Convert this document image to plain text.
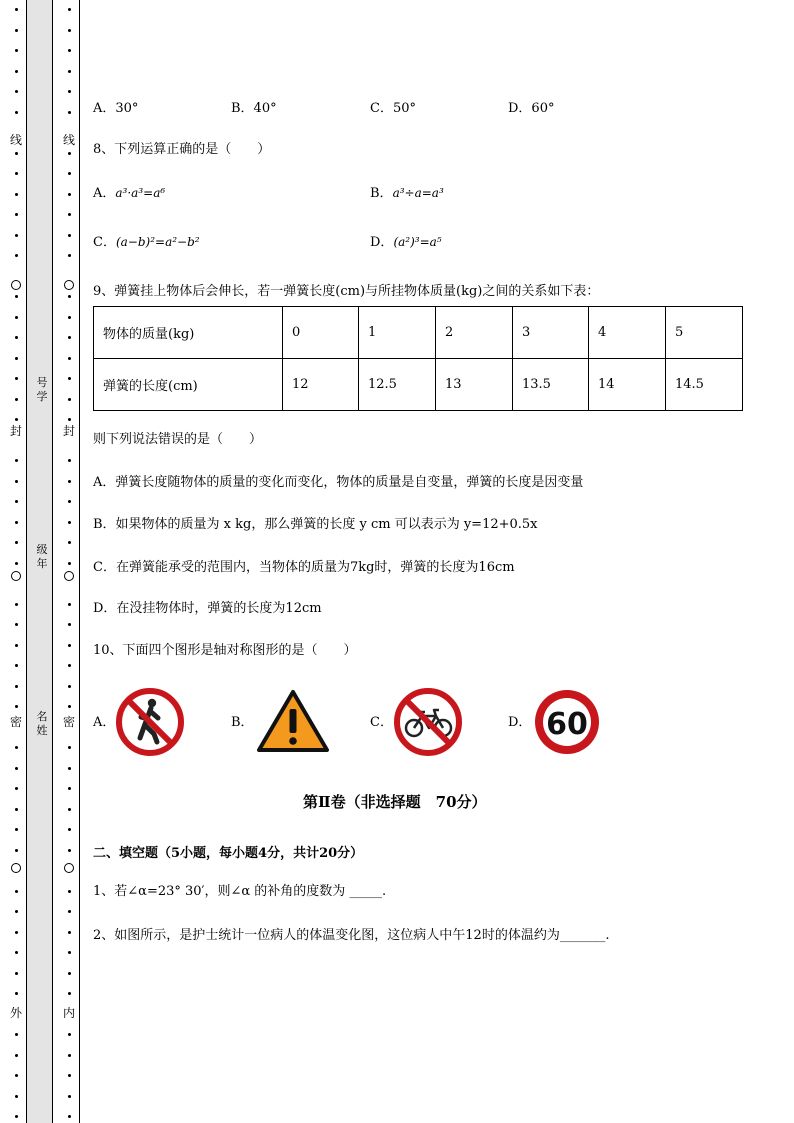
线
封
密
外
线
封
密
内
号学
级年
名姓
A．30°	B．40°	C．50°	D．60°
8、下列运算正确的是（　　）
A．a³·a³=a⁶	B．a³÷a=a³
C．(a−b)²=a²−b²	D．(a²)³=a⁵
9、弹簧挂上物体后会伸长，若一弹簧长度(cm)与所挂物体质量(kg)之间的关系如下表：
物体的质量(kg)	0	1	2	3	4	5
弹簧的长度(cm)	12	12.5	13	13.5	14	14.5
则下列说法错误的是（　　）
A．弹簧长度随物体的质量的变化而变化，物体的质量是自变量，弹簧的长度是因变量
B．如果物体的质量为 x kg，那么弹簧的长度 y cm 可以表示为 y=12+0.5x
C．在弹簧能承受的范围内，当物体的质量为7kg时，弹簧的长度为16cm
D．在没挂物体时，弹簧的长度为12cm
10、下面四个图形是轴对称图形的是（　　）
A．	B．	C．	D． 60
第Ⅱ卷（非选择题　70分）
二、填空题（5小题，每小题4分，共计20分）
1、若∠α=23° 30′，则∠α 的补角的度数为 _____.
2、如图所示，是护士统计一位病人的体温变化图，这位病人中午12时的体温约为_______.
